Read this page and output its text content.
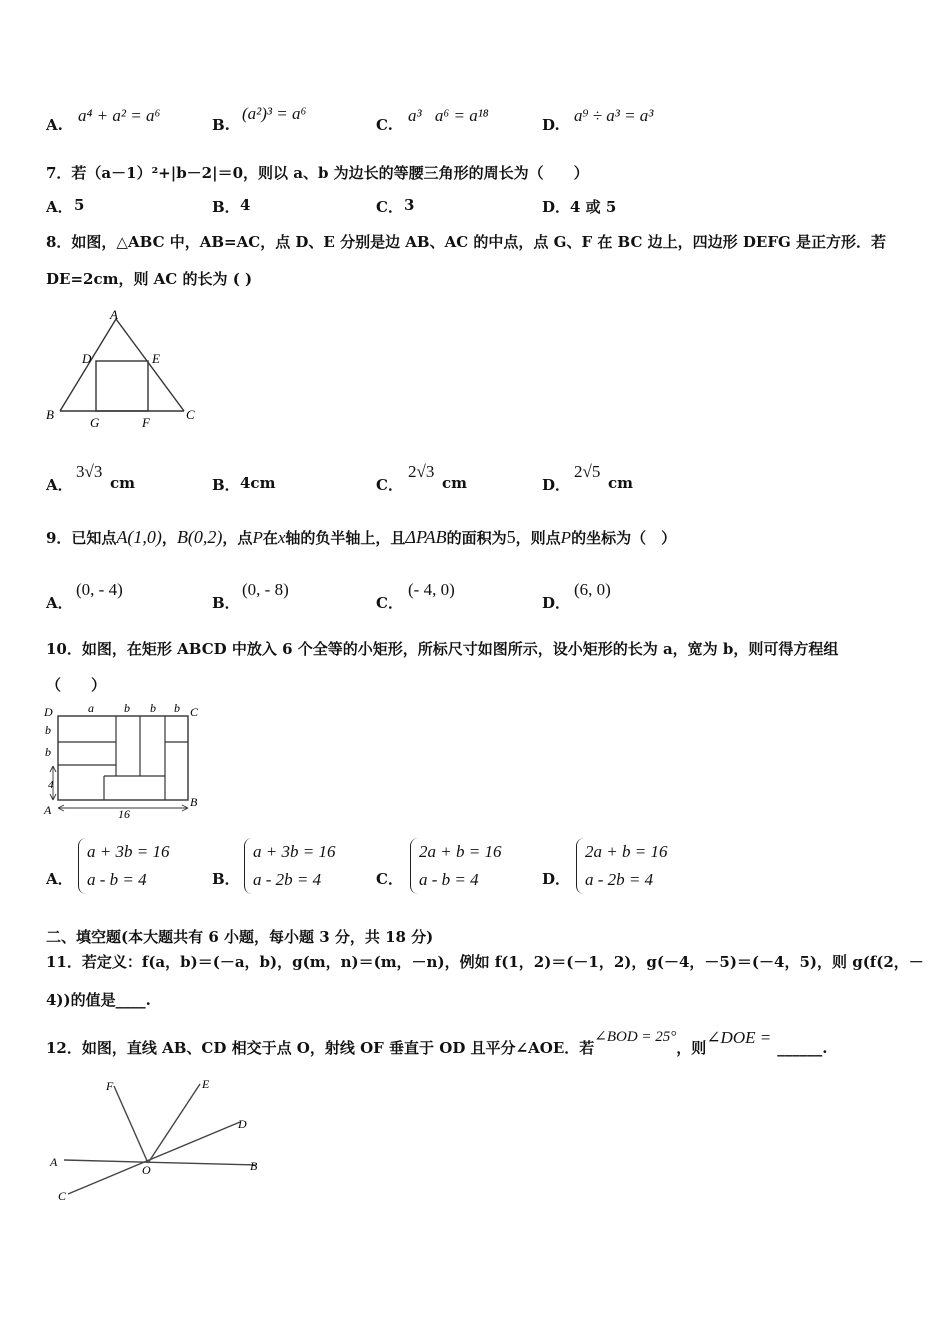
A. a⁴ + a² = a⁶	B.
(a²)³ = a⁶
C. a³⃞a⁶ = a¹⁸	D. a⁹ ÷ a³ = a³
7．若（a－1）²+|b－2|＝0，则以 a、b 为边长的等腰三角形的周长为（　　）
A． 5	B． 4	C． 3	D． 4 或 5
8．如图，△ABC 中，AB=AC，点 D、E 分别是边 AB、AC 的中点，点 G、F 在 BC 边上，四边形 DEFG 是正方形．若
DE=2cm，则 AC 的长为 ( )
A
D	E
B
G	F
C
A．
3√3
cm	B． 4cm	C．
2√3
cm	D．
2√5
cm
9．已知点A(1,0)，B(0,2)，点P在x轴的负半轴上，且ΔPAB的面积为5，则点P的坐标为（　）
A．
(0, - 4)
B．
(0, - 8)
C．
(- 4, 0)
D．
(6, 0)
10．如图，在矩形 ABCD 中放入 6 个全等的小矩形，所标尺寸如图所示，设小矩形的长为 a，宽为 b，则可得方程组
（　　）
D	a	b b b C
b
b
4
A	16
B
A．
a + 3b = 16
a - b = 4	B．
a + 3b = 16
a - 2b = 4	C．
2a + b = 16
a - b = 4	D．
2a + b = 16
a - 2b = 4
二、填空题(本大题共有 6 小题，每小题 3 分，共 18 分)
11．若定义：f(a，b)＝(－a，b)，g(m，n)＝(m，－n)，例如 f(1，2)＝(－1，2)，g(－4，－5)＝(－4，5)，则 g(f(2，－
4))的值是____.
12．如图，直线 AB、CD 相交于点 O，射线 OF 垂直于 OD 且平分∠AOE．若∠BOD = 25°，则∠DOE =______.
F	E
D
A
O	B
C
